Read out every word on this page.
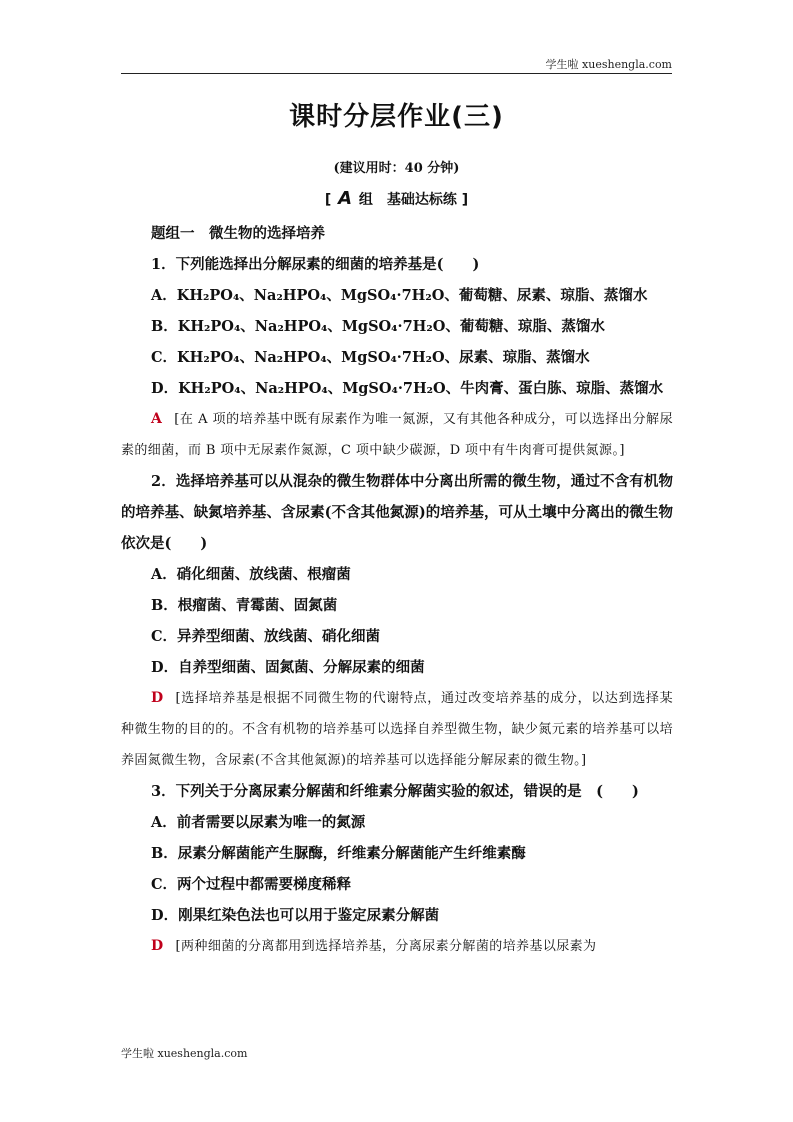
学生啦 xueshengla.com
课时分层作业(三)
(建议用时：40 分钟)
[ A 组　基础达标练 ]

题组一　微生物的选择培养

1．下列能选择出分解尿素的细菌的培养基是(　　)

A．KH₂PO₄、Na₂HPO₄、MgSO₄·7H₂O、葡萄糖、尿素、琼脂、蒸馏水

B．KH₂PO₄、Na₂HPO₄、MgSO₄·7H₂O、葡萄糖、琼脂、蒸馏水

C．KH₂PO₄、Na₂HPO₄、MgSO₄·7H₂O、尿素、琼脂、蒸馏水

D．KH₂PO₄、Na₂HPO₄、MgSO₄·7H₂O、牛肉膏、蛋白胨、琼脂、蒸馏水

A [在 A 项的培养基中既有尿素作为唯一氮源，又有其他各种成分，可以选择出分解尿素的细菌，而 B 项中无尿素作氮源，C 项中缺少碳源，D 项中有牛肉膏可提供氮源。]

2．选择培养基可以从混杂的微生物群体中分离出所需的微生物，通过不含有机物的培养基、缺氮培养基、含尿素(不含其他氮源)的培养基，可从土壤中分离出的微生物依次是(　　)

A．硝化细菌、放线菌、根瘤菌

B．根瘤菌、青霉菌、固氮菌

C．异养型细菌、放线菌、硝化细菌

D．自养型细菌、固氮菌、分解尿素的细菌

D [选择培养基是根据不同微生物的代谢特点，通过改变培养基的成分，以达到选择某种微生物的目的的。不含有机物的培养基可以选择自养型微生物，缺少氮元素的培养基可以培养固氮微生物，含尿素(不含其他氮源)的培养基可以选择能分解尿素的微生物。]

3．下列关于分离尿素分解菌和纤维素分解菌实验的叙述，错误的是　(　　)

A．前者需要以尿素为唯一的氮源

B．尿素分解菌能产生脲酶，纤维素分解菌能产生纤维素酶

C．两个过程中都需要梯度稀释

D．刚果红染色法也可以用于鉴定尿素分解菌

D [两种细菌的分离都用到选择培养基，分离尿素分解菌的培养基以尿素为

学生啦 xueshengla.com
